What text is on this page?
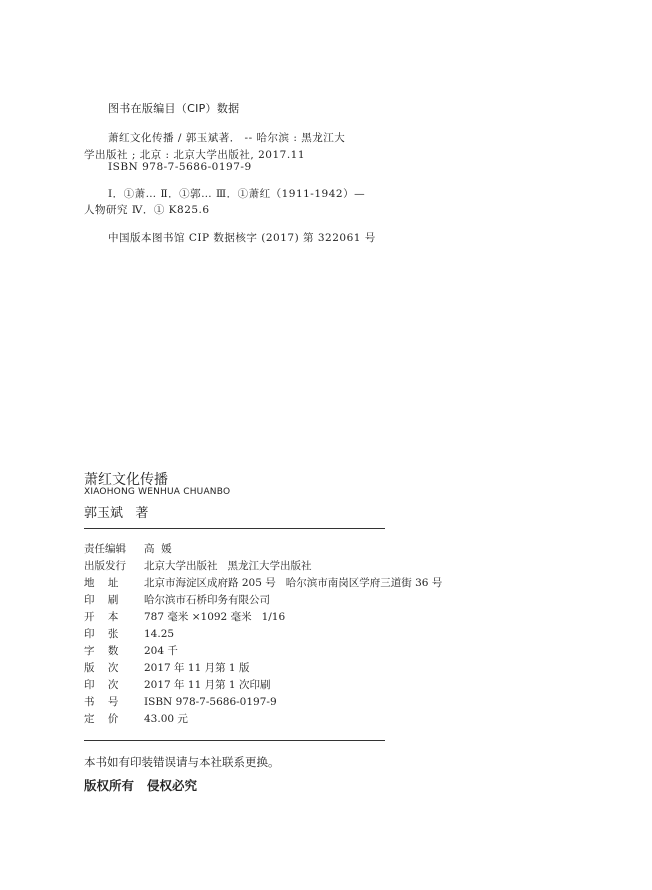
图书在版编目（CIP）数据
萧红文化传播 / 郭玉斌著． -- 哈尔滨 : 黑龙江大
学出版社 ; 北京 : 北京大学出版社, 2017.11
ISBN 978-7-5686-0197-9
Ⅰ．①萧… Ⅱ．①郭… Ⅲ．①萧红（1911-1942）—
人物研究 Ⅳ．① K825.6
中国版本图书馆 CIP 数据核字 (2017) 第 322061 号
萧红文化传播
XIAOHONG WENHUA CHUANBO
郭玉斌   著
责任编辑 高  媛
出版发行 北京大学出版社   黑龙江大学出版社
地    址 北京市海淀区成府路 205 号   哈尔滨市南岗区学府三道街 36 号
印    刷 哈尔滨市石桥印务有限公司
开    本 787 毫米 ×1092 毫米   1/16
印    张 14.25
字    数 204 千
版    次 2017 年 11 月第 1 版
印    次 2017 年 11 月第 1 次印刷
书    号 ISBN 978-7-5686-0197-9
定    价 43.00 元
本书如有印装错误请与本社联系更换。
版权所有   侵权必究
